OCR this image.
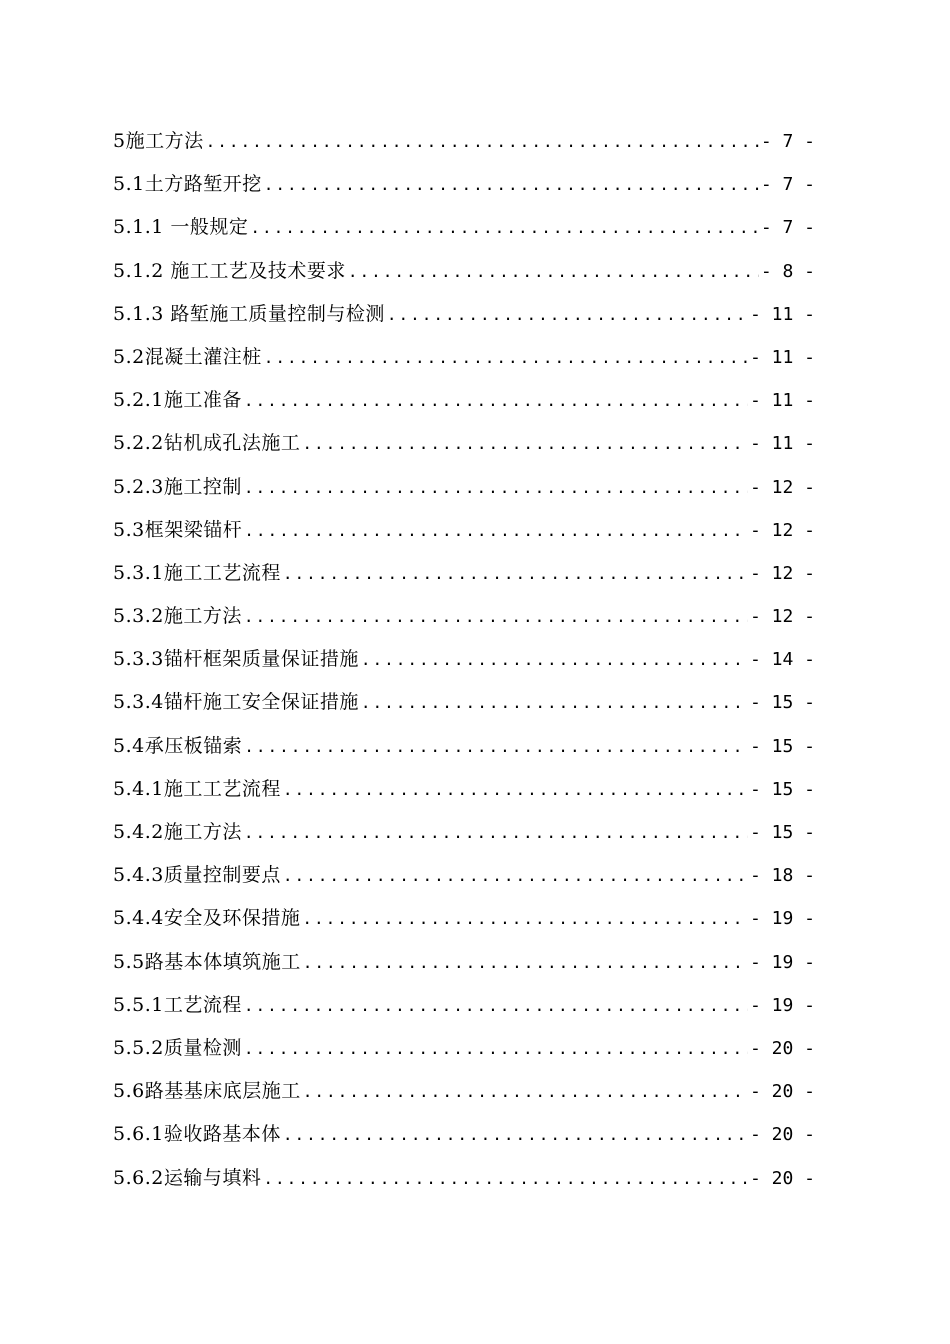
5施工方法 .....	- 7 -
5.1土方路堑开挖 .....	- 7 -
5.1.1 一般规定 .....	- 7 -
5.1.2 施工工艺及技术要求 .....	- 8 -
5.1.3 路堑施工质量控制与检测 .....	- 11 -
5.2混凝土灌注桩 .....	- 11 -
5.2.1施工准备 .....	- 11 -
5.2.2钻机成孔法施工 .....	- 11 -
5.2.3施工控制 .....	- 12 -
5.3框架梁锚杆 .....	- 12 -
5.3.1施工工艺流程 .....	- 12 -
5.3.2施工方法 .....	- 12 -
5.3.3锚杆框架质量保证措施 .....	- 14 -
5.3.4锚杆施工安全保证措施 .....	- 15 -
5.4承压板锚索 .....	- 15 -
5.4.1施工工艺流程 .....	- 15 -
5.4.2施工方法 .....	- 15 -
5.4.3质量控制要点 .....	- 18 -
5.4.4安全及环保措施 .....	- 19 -
5.5路基本体填筑施工 .....	- 19 -
5.5.1工艺流程 .....	- 19 -
5.5.2质量检测 .....	- 20 -
5.6路基基床底层施工 .....	- 20 -
5.6.1验收路基本体 .....	- 20 -
5.6.2运输与填料 .....	- 20 -
